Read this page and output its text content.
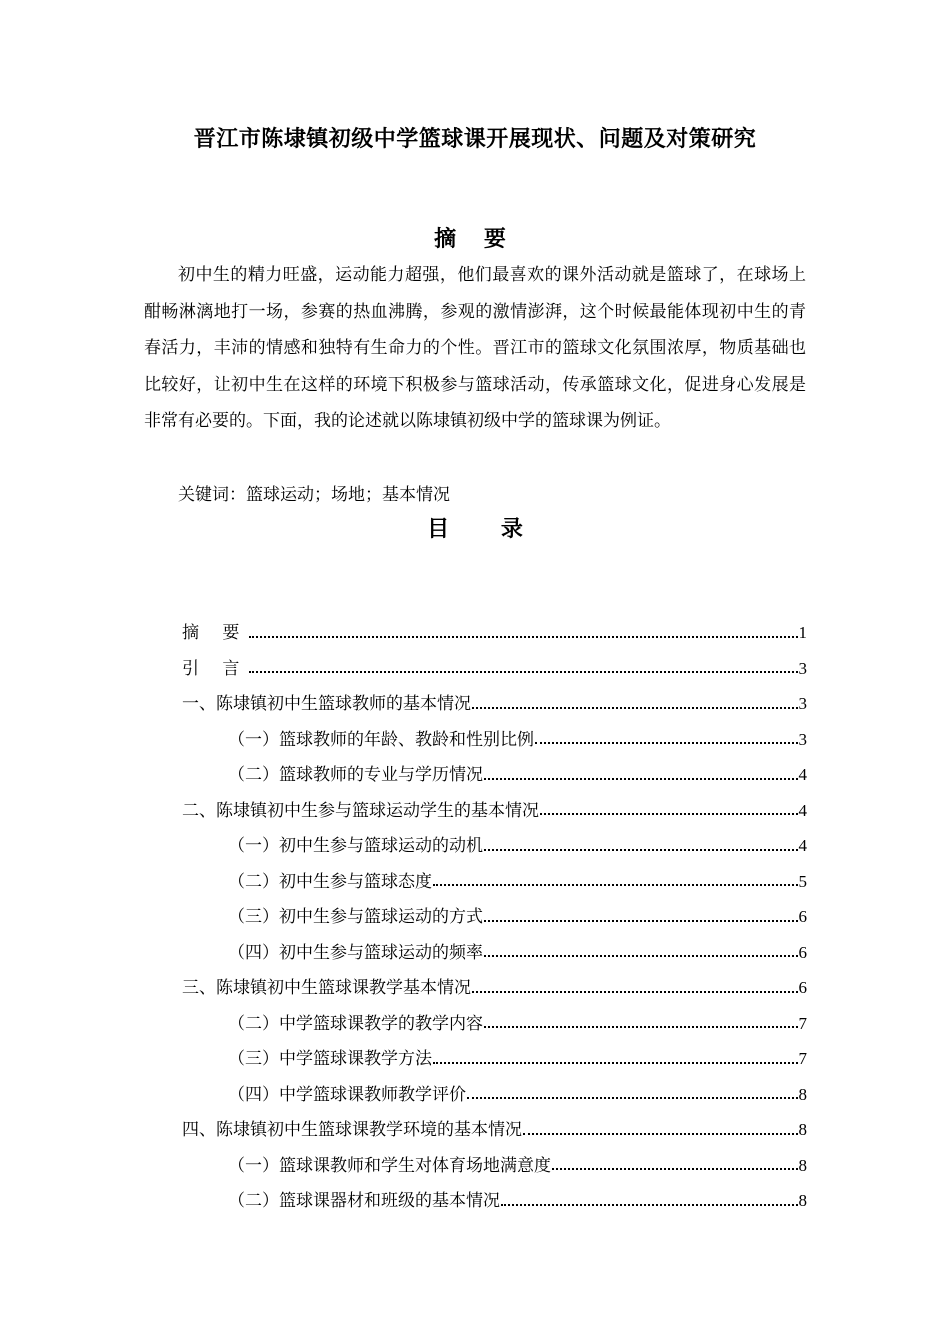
晋江市陈埭镇初级中学篮球课开展现状、问题及对策研究
摘 要

初中生的精力旺盛，运动能力超强，他们最喜欢的课外活动就是篮球了，在球场上酣畅淋漓地打一场，参赛的热血沸腾，参观的激情澎湃，这个时候最能体现初中生的青春活力，丰沛的情感和独特有生命力的个性。晋江市的篮球文化氛围浓厚，物质基础也比较好，让初中生在这样的环境下积极参与篮球活动，传承篮球文化，促进身心发展是非常有必要的。下面，我的论述就以陈埭镇初级中学的篮球课为例证。

关键词：篮球运动；场地；基本情况
目 录
摘 要	1
引 言	3
一、陈埭镇初中生篮球教师的基本情况	3
（一）篮球教师的年龄、教龄和性别比例	3
（二）篮球教师的专业与学历情况	4
二、陈埭镇初中生参与篮球运动学生的基本情况	4
（一）初中生参与篮球运动的动机	4
（二）初中生参与篮球态度	5
（三）初中生参与篮球运动的方式	6
（四）初中生参与篮球运动的频率	6
三、陈埭镇初中生篮球课教学基本情况	6
（二）中学篮球课教学的教学内容	7
（三）中学篮球课教学方法	7
（四）中学篮球课教师教学评价	8
四、陈埭镇初中生篮球课教学环境的基本情况	8
（一）篮球课教师和学生对体育场地满意度	8
（二）篮球课器材和班级的基本情况	8
